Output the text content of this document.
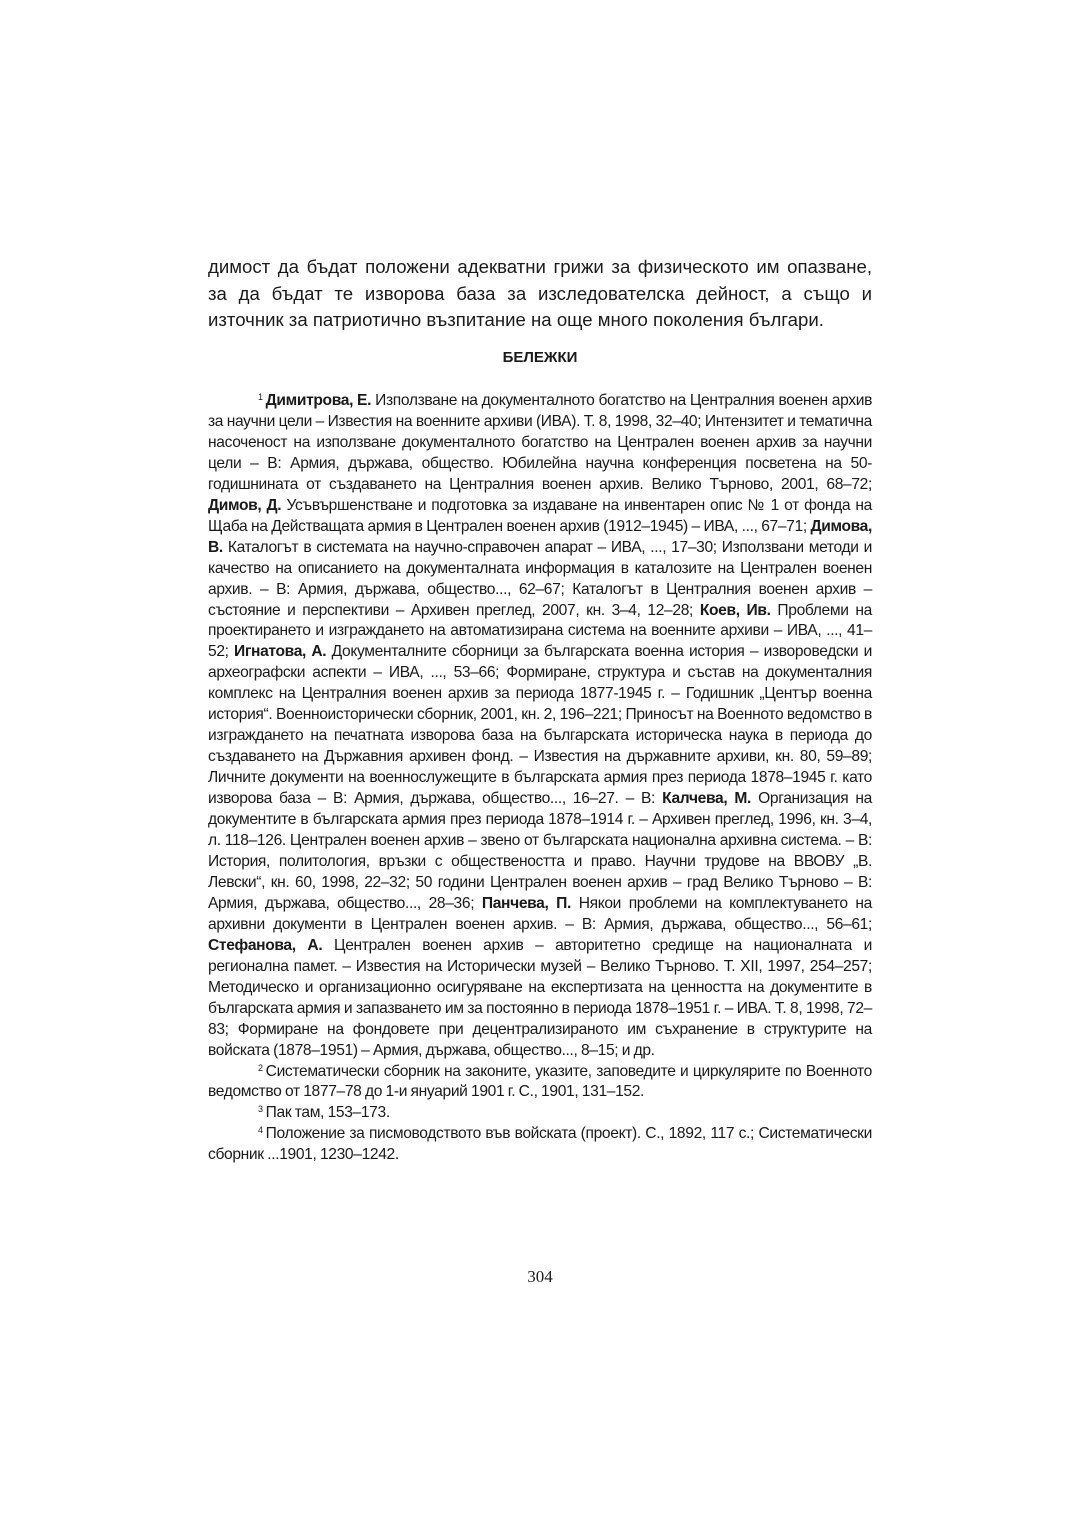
димост да бъдат положени адекватни грижи за физическото им опазване, за да бъдат те изворова база за изследователска дейност, а също и източник за патриотично възпитание на още много поколения българи.

БЕЛЕЖКИ

$^1$ Димитрова, Е. Използване на документалното богатство на Централния военен архив за научни цели – Известия на военните архиви (ИВА). Т. 8, 1998, 32–40; Интензитет и тематична насоченост на използване документалното богатство на Централен военен архив за научни цели – В: Армия, държава, общество. Юбилейна научна конференция посветена на 50-годишнината от създаването на Централния военен архив. Велико Търново, 2001, 68–72; Димов, Д. Усъвършенстване и подготовка за издаване на инвентарен опис № 1 от фонда на Щаба на Действащата армия в Централен военен архив (1912–1945) – ИВА, ..., 67–71; Димова, В. Каталогът в системата на научно-справочен апарат – ИВА, ..., 17–30; Използвани методи и качество на описанието на документалната информация в каталозите на Централен военен архив. – В: Армия, държава, общество..., 62–67; Каталогът в Централния военен архив – състояние и перспективи – Архивен преглед, 2007, кн. 3–4, 12–28; Коев, Ив. Проблеми на проектирането и изграждането на автоматизирана система на военните архиви – ИВА, ..., 41–52; Игнатова, А. Документалните сборници за българската военна история – извороведски и археографски аспекти – ИВА, ..., 53–66; Формиране, структура и състав на документалния комплекс на Централния военен архив за периода 1877-1945 г. – Годишник „Център военна история“. Военноисторически сборник, 2001, кн. 2, 196–221; Приносът на Военното ведомство в изграждането на печатната изворова база на българската историческа наука в периода до създаването на Държавния архивен фонд. – Известия на държавните архиви, кн. 80, 59–89; Личните документи на военнослужещите в българската армия през периода 1878–1945 г. като изворова база – В: Армия, държава, общество..., 16–27. – В: Калчева, М. Организация на документите в българската армия през периода 1878–1914 г. – Архивен преглед, 1996, кн. 3–4, л. 118–126. Централен военен архив – звено от българската национална архивна система. – В: История, политология, връзки с обществеността и право. Научни трудове на ВВОВУ „В. Левски“, кн. 60, 1998, 22–32; 50 години Централен военен архив – град Велико Търново – В: Армия, държава, общество..., 28–36; Панчева, П. Някои проблеми на комплектуването на архивни документи в Централен военен архив. – В: Армия, държава, общество..., 56–61; Стефанова, А. Централен военен архив – авторитетно средище на националната и регионална памет. – Известия на Исторически музей – Велико Търново. Т. XII, 1997, 254–257; Методическо и организационно осигуряване на експертизата на ценността на документите в българската армия и запазването им за постоянно в периода 1878–1951 г. – ИВА. Т. 8, 1998, 72–83; Формиране на фондовете при децентрализираното им съхранение в структурите на войската (1878–1951) – Армия, държава, общество..., 8–15; и др.

$^2$ Систематически сборник на законите, указите, заповедите и циркулярите по Военното ведомство от 1877–78 до 1-и януарий 1901 г. С., 1901, 131–152.

$^3$ Пак там, 153–173.

$^4$ Положение за писмоводството във войската (проект). С., 1892, 117 с.; Систематически сборник ...1901, 1230–1242.

304
